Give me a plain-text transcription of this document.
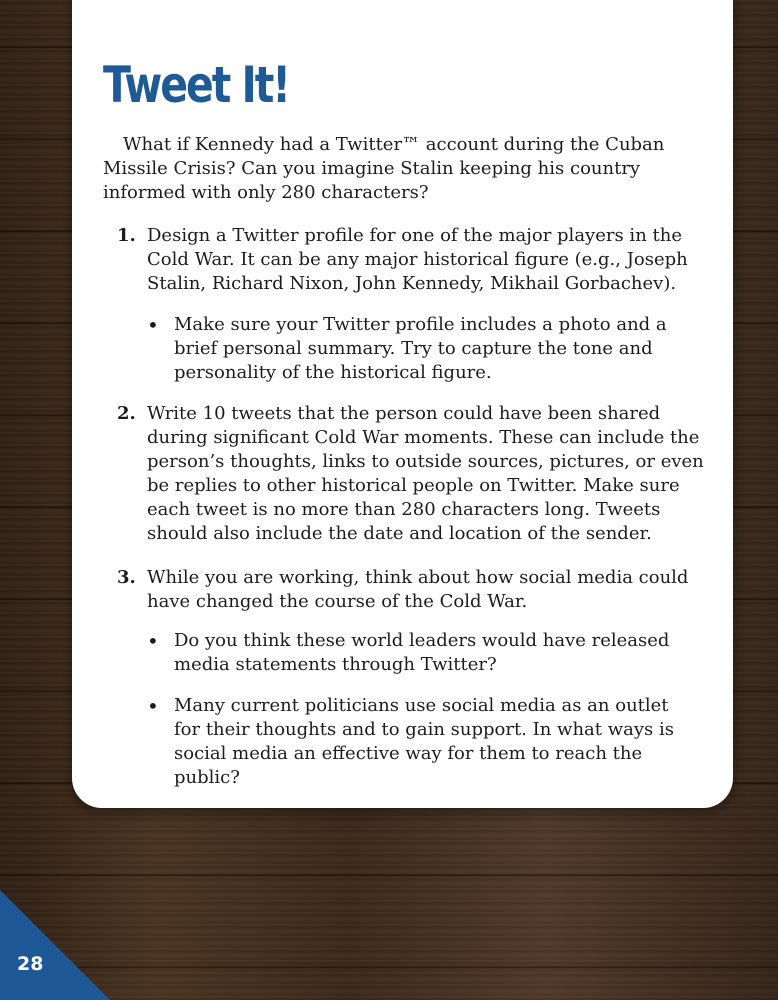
Tweet It!

What if Kennedy had a Twitter™ account during the Cuban Missile Crisis? Can you imagine Stalin keeping his country informed with only 280 characters?

1. Design a Twitter profile for one of the major players in the Cold War. It can be any major historical figure (e.g., Joseph Stalin, Richard Nixon, John Kennedy, Mikhail Gorbachev).
• Make sure your Twitter profile includes a photo and a brief personal summary. Try to capture the tone and personality of the historical figure.
2. Write 10 tweets that the person could have been shared during significant Cold War moments. These can include the person’s thoughts, links to outside sources, pictures, or even be replies to other historical people on Twitter. Make sure each tweet is no more than 280 characters long. Tweets should also include the date and location of the sender.
3. While you are working, think about how social media could have changed the course of the Cold War.
• Do you think these world leaders would have released media statements through Twitter?
• Many current politicians use social media as an outlet for their thoughts and to gain support. In what ways is social media an effective way for them to reach the public?
28
